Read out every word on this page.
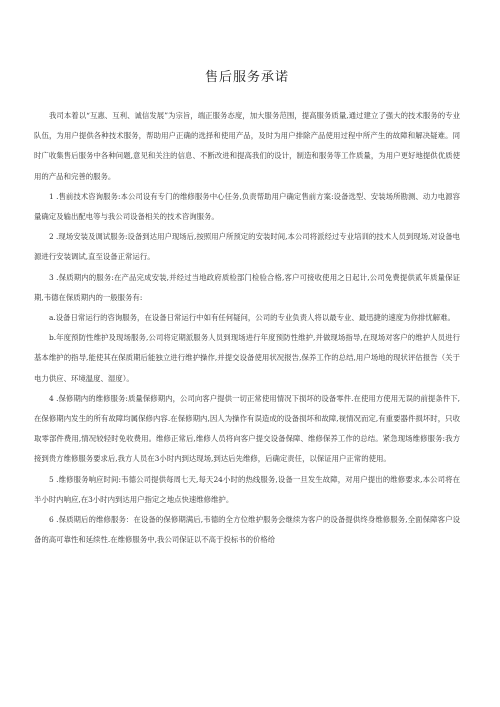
售后服务承诺

我司本着以“互惠、互利、诚信发展”为宗旨，端正服务态度，加大服务范围，提高服务质量,通过建立了强大的技术服务的专业队伍，为用户提供各种技术服务，帮助用户正确的选择和使用产品，及时为用户排除产品使用过程中所产生的故障和解决疑难。同时广收集售后服务中各种问题,意见和关注的信息、不断改进和提高我们的设计，制造和服务等工作质量，为用户更好地提供优质使用的产品和完善的服务。

1 .售前技术咨询服务:本公司设有专门的维修服务中心任务,负责帮助用户确定售前方案:设备选型、安装场所勘测、动力电源容量确定及输出配电等与我公司设备相关的技术咨询服务。

2 .现场安装及调试服务:设备到达用户现场后,按照用户所预定的安装时间,本公司将派经过专业培训的技术人员到现场,对设备电源进行安装调试,直至设备正常运行。

3 .保质期内的服务:在产品完成安装,并经过当地政府质检部门检验合格,客户可接收使用之日起计,公司免费提供贰年质量保证期,韦德在保质期内的一般服务有:

a.设备日常运行的咨询服务，在设备日常运行中如有任何疑问，公司的专业负责人将以最专业、最迅捷的速度为你排忧解难。

b.年度预防性维护及现场服务,公司将定期派服务人员到现场进行年度预防性维护,并做现场指导,在现场对客户的维护人员进行基本维护的指导,能使其在保质期后能独立进行维护操作,并提交设备使用状况报告,保养工作的总结,用户场地的现状评估报告（关于电力供应、环境温度、湿度）。

4 .保修期内的维修服务:质量保修期内，公司向客户提供一切正常使用情况下损坏的设备零件.在使用方使用无误的前提条件下,在保修期内发生的所有故障均属保修内容.在保修期内,因人为操作有误造成的设备损坏和故障,视情况而定,有重要器件损坏时，只收取零部件费用,情况较轻时免收费用。维修正常后,维修人员将向客户提交设备保障、维修保养工作的总结。紧急现场维修服务:我方接到贵方维修服务要求后,我方人员在3小时内到达现场,到达后先维修，后确定责任，以保证用户正常的使用。

5 .维修服务响应时间:韦德公司提供每周七天,每天24小时的热线服务,设备一旦发生故障，对用户提出的维修要求,本公司将在半小时内响应,在3小时内到达用户指定之地点快速维修维护。

6 .保质期后的维修服务：在设备的保修期满后,韦德的全方位维护服务会继续为客户的设备提供终身维修服务,全面保障客户设备的高可靠性和延续性.在维修服务中,我公司保证以不高于投标书的价格给
